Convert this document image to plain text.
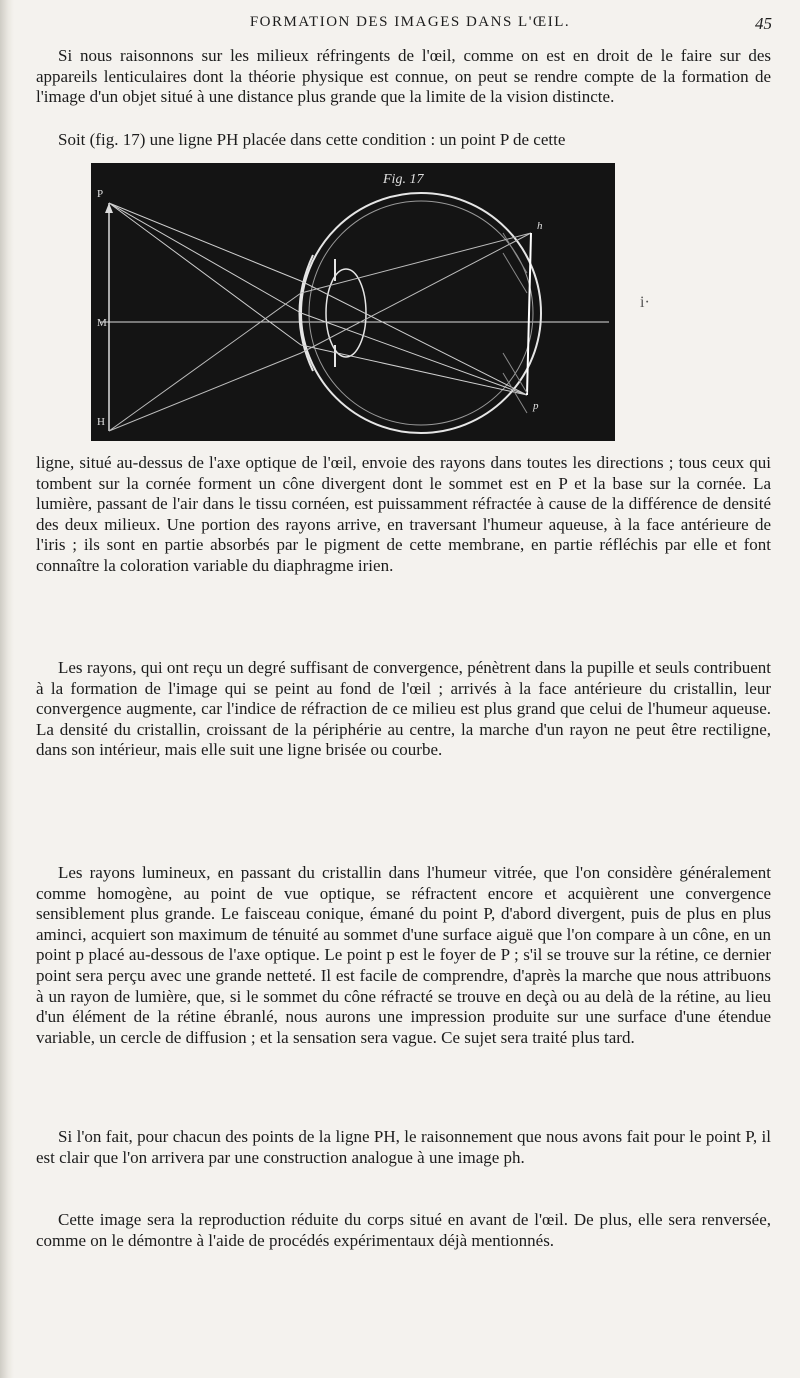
FORMATION DES IMAGES DANS L'ŒIL.	45

Si nous raisonnons sur les milieux réfringents de l'œil, comme on est en droit de le faire sur des appareils lenticulaires dont la théorie physique est connue, on peut se rendre compte de la formation de l'image d'un objet situé à une distance plus grande que la limite de la vision distincte.

Soit (fig. 17) une ligne PH placée dans cette condition : un point P de cette

Fig. 17
P
M
H
h
p
i·

ligne, situé au-dessus de l'axe optique de l'œil, envoie des rayons dans toutes les directions ; tous ceux qui tombent sur la cornée forment un cône divergent dont le sommet est en P et la base sur la cornée. La lumière, passant de l'air dans le tissu cornéen, est puissamment réfractée à cause de la différence de densité des deux milieux. Une portion des rayons arrive, en traversant l'humeur aqueuse, à la face antérieure de l'iris ; ils sont en partie absorbés par le pigment de cette membrane, en partie réfléchis par elle et font connaître la coloration variable du diaphragme irien.

Les rayons, qui ont reçu un degré suffisant de convergence, pénètrent dans la pupille et seuls contribuent à la formation de l'image qui se peint au fond de l'œil ; arrivés à la face antérieure du cristallin, leur convergence augmente, car l'indice de réfraction de ce milieu est plus grand que celui de l'humeur aqueuse. La densité du cristallin, croissant de la périphérie au centre, la marche d'un rayon ne peut être rectiligne, dans son intérieur, mais elle suit une ligne brisée ou courbe.

Les rayons lumineux, en passant du cristallin dans l'humeur vitrée, que l'on considère généralement comme homogène, au point de vue optique, se réfractent encore et acquièrent une convergence sensiblement plus grande. Le faisceau conique, émané du point P, d'abord divergent, puis de plus en plus aminci, acquiert son maximum de ténuité au sommet d'une surface aiguë que l'on compare à un cône, en un point p placé au-dessous de l'axe optique. Le point p est le foyer de P ; s'il se trouve sur la rétine, ce dernier point sera perçu avec une grande netteté. Il est facile de comprendre, d'après la marche que nous attribuons à un rayon de lumière, que, si le sommet du cône réfracté se trouve en deçà ou au delà de la rétine, au lieu d'un élément de la rétine ébranlé, nous aurons une impression produite sur une surface d'une étendue variable, un cercle de diffusion ; et la sensation sera vague. Ce sujet sera traité plus tard.

Si l'on fait, pour chacun des points de la ligne PH, le raisonnement que nous avons fait pour le point P, il est clair que l'on arrivera par une construction analogue à une image ph.

Cette image sera la reproduction réduite du corps situé en avant de l'œil. De plus, elle sera renversée, comme on le démontre à l'aide de procédés expérimentaux déjà mentionnés.
